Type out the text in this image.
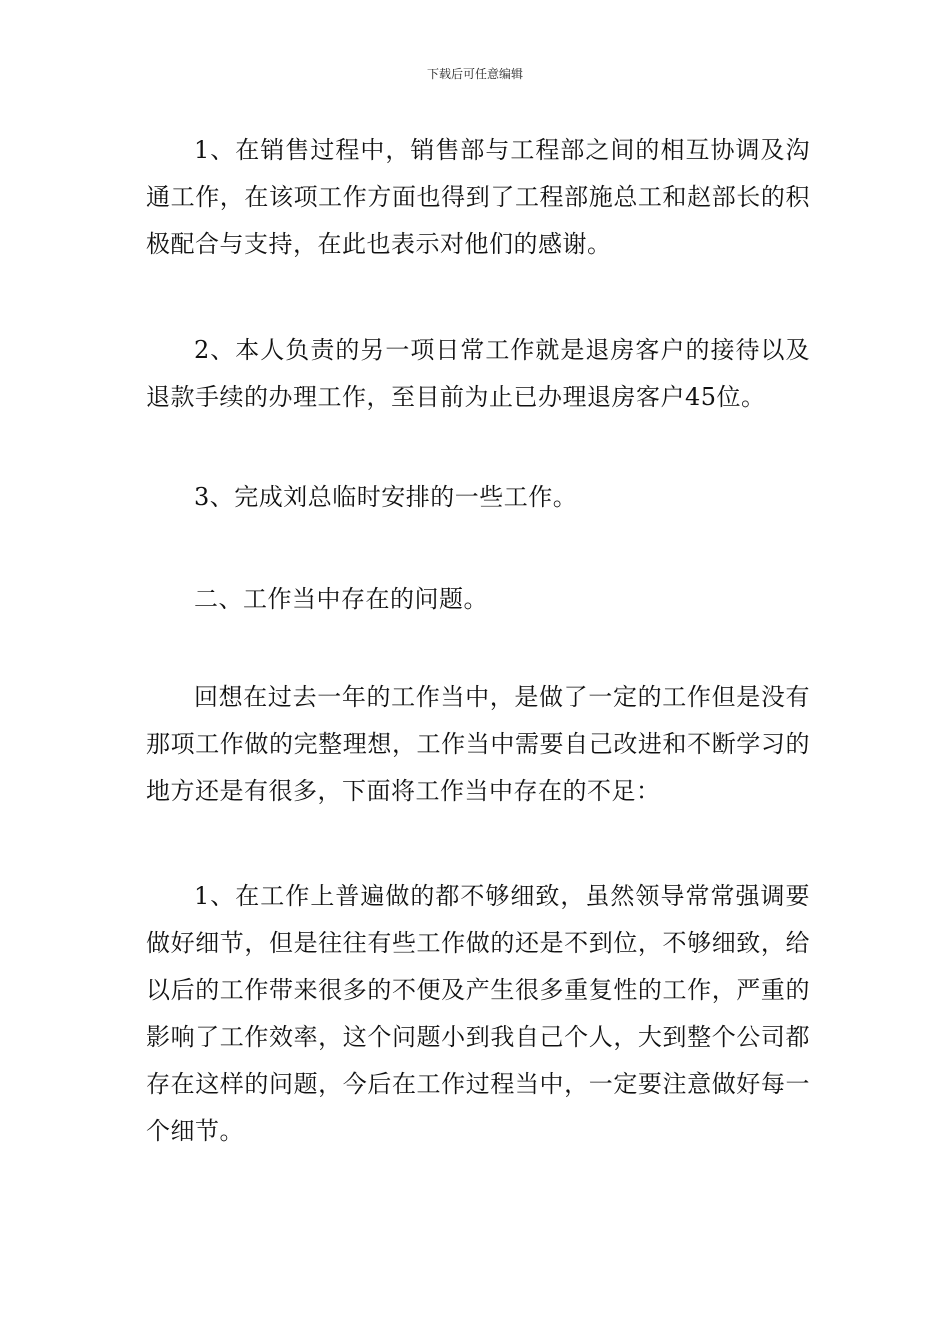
下载后可任意编辑

1、在销售过程中，销售部与工程部之间的相互协调及沟通工作，在该项工作方面也得到了工程部施总工和赵部长的积极配合与支持，在此也表示对他们的感谢。

2、本人负责的另一项日常工作就是退房客户的接待以及退款手续的办理工作，至目前为止已办理退房客户45位。

3、完成刘总临时安排的一些工作。

二、工作当中存在的问题。

回想在过去一年的工作当中，是做了一定的工作但是没有那项工作做的完整理想，工作当中需要自己改进和不断学习的地方还是有很多，下面将工作当中存在的不足：

1、在工作上普遍做的都不够细致，虽然领导常常强调要做好细节，但是往往有些工作做的还是不到位，不够细致，给以后的工作带来很多的不便及产生很多重复性的工作，严重的影响了工作效率，这个问题小到我自己个人，大到整个公司都存在这样的问题，今后在工作过程当中，一定要注意做好每一个细节。
